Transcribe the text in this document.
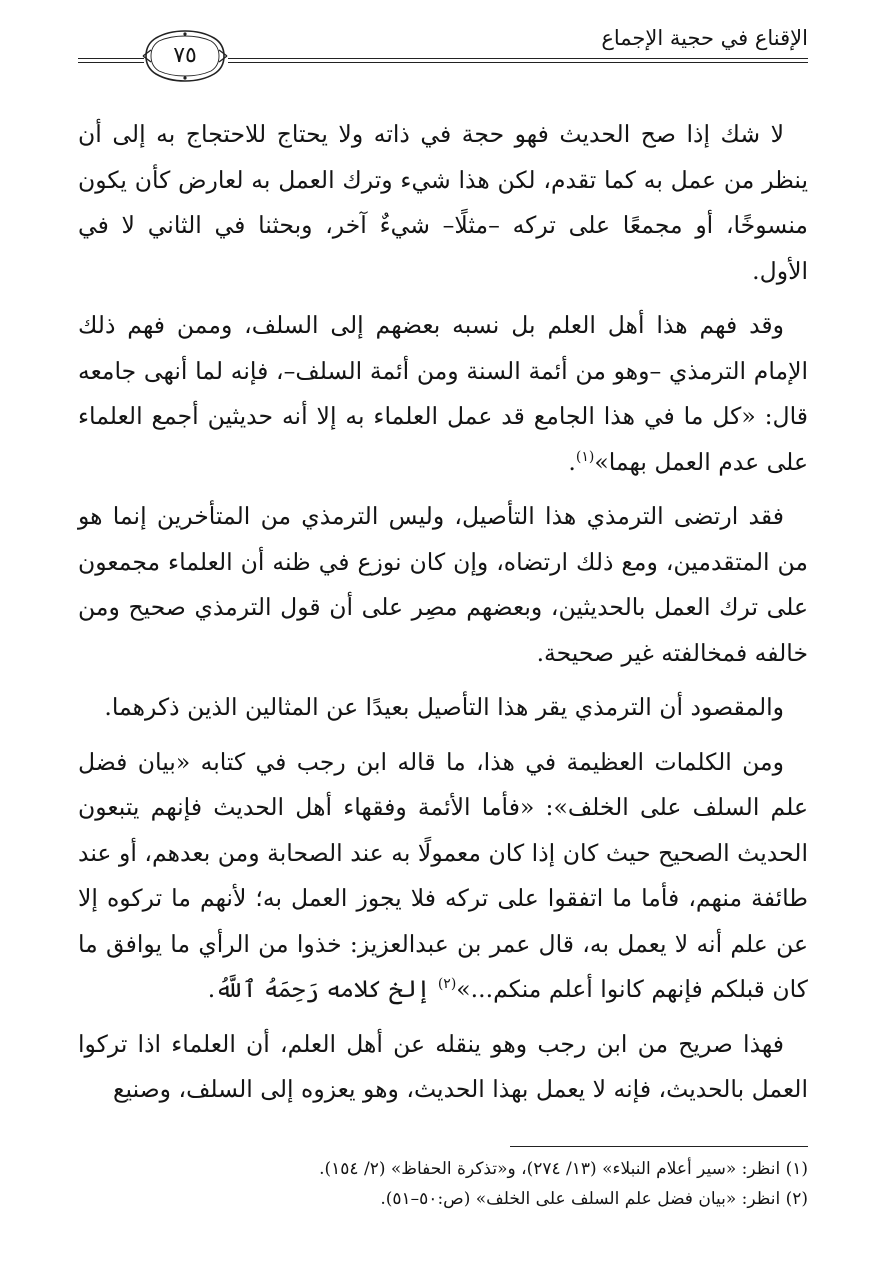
الإقناع في حجية الإجماع
٧٥

لا شك إذا صح الحديث فهو حجة في ذاته ولا يحتاج للاحتجاج به إلى أن ينظر من عمل به كما تقدم، لكن هذا شيء وترك العمل به لعارض كأن يكون منسوخًا، أو مجمعًا على تركه –مثلًا– شيءٌ آخر، وبحثنا في الثاني لا في الأول.

وقد فهم هذا أهل العلم بل نسبه بعضهم إلى السلف، وممن فهم ذلك الإمام الترمذي –وهو من أئمة السنة ومن أئمة السلف–، فإنه لما أنهى جامعه قال: «كل ما في هذا الجامع قد عمل العلماء به إلا أنه حديثين أجمع العلماء على عدم العمل بهما»$^{(١)}$.

فقد ارتضى الترمذي هذا التأصيل، وليس الترمذي من المتأخرين إنما هو من المتقدمين، ومع ذلك ارتضاه، وإن كان نوزع في ظنه أن العلماء مجمعون على ترك العمل بالحديثين، وبعضهم مصِر على أن قول الترمذي صحيح ومن خالفه فمخالفته غير صحيحة.

والمقصود أن الترمذي يقر هذا التأصيل بعيدًا عن المثالين الذين ذكرهما.

ومن الكلمات العظيمة في هذا، ما قاله ابن رجب في كتابه «بيان فضل علم السلف على الخلف»: «فأما الأئمة وفقهاء أهل الحديث فإنهم يتبعون الحديث الصحيح حيث كان إذا كان معمولًا به عند الصحابة ومن بعدهم، أو عند طائفة منهم، فأما ما اتفقوا على تركه فلا يجوز العمل به؛ لأنهم ما تركوه إلا عن علم أنه لا يعمل به، قال عمر بن عبدالعزيز: خذوا من الرأي ما يوافق ما كان قبلكم فإنهم كانوا أعلم منكم...»$^{(٢)}$ إلخ كلامه رَحِمَهُ ٱللَّهُ.

فهذا صريح من ابن رجب وهو ينقله عن أهل العلم، أن العلماء اذا تركوا العمل بالحديث، فإنه لا يعمل بهذا الحديث، وهو يعزوه إلى السلف، وصنيع

(١) انظر: «سير أعلام النبلاء» (١٣/ ٢٧٤)، و«تذكرة الحفاظ» (٢/ ١٥٤).
(٢) انظر: «بيان فضل علم السلف على الخلف» (ص:٥٠–٥١).
